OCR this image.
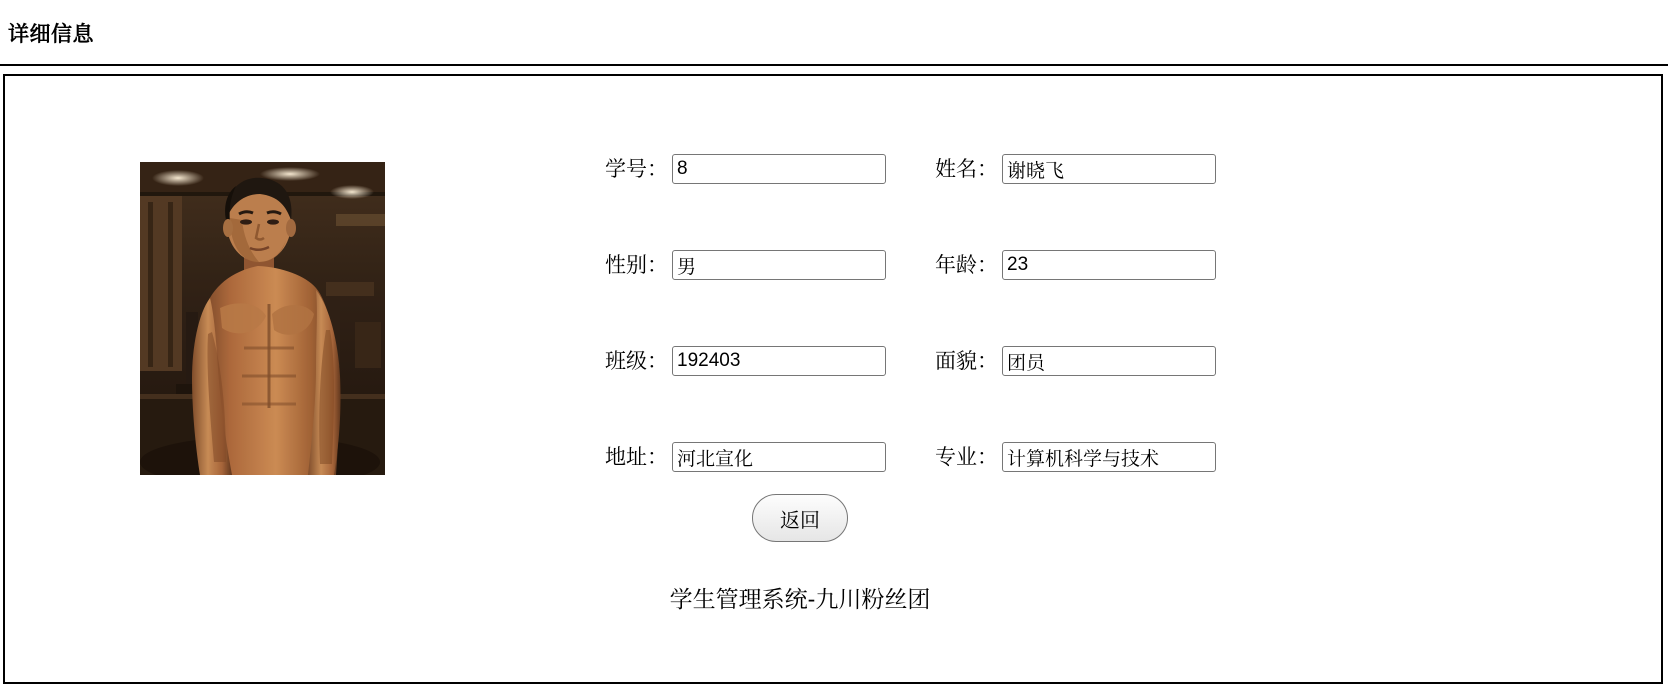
详细信息
学号：
8	姓名：
谢晓飞
性别：
男	年龄：
23
班级：
192403	面貌：
团员
地址：
河北宣化	专业：
计算机科学与技术
返回
学生管理系统-九川粉丝团
